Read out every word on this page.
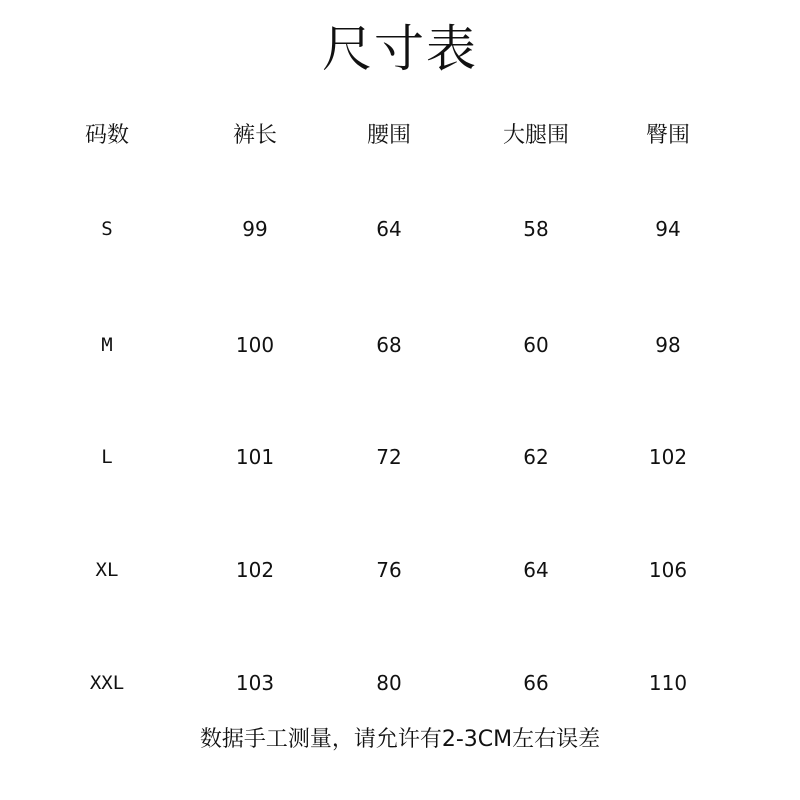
尺寸表
码数	裤长	腰围	大腿围	臀围
S	99	64	58	94
M	100	68	60	98
L	101	72	62	102
XL	102	76	64	106
XXL	103	80	66	110
数据手工测量，请允许有2-3CM左右误差
